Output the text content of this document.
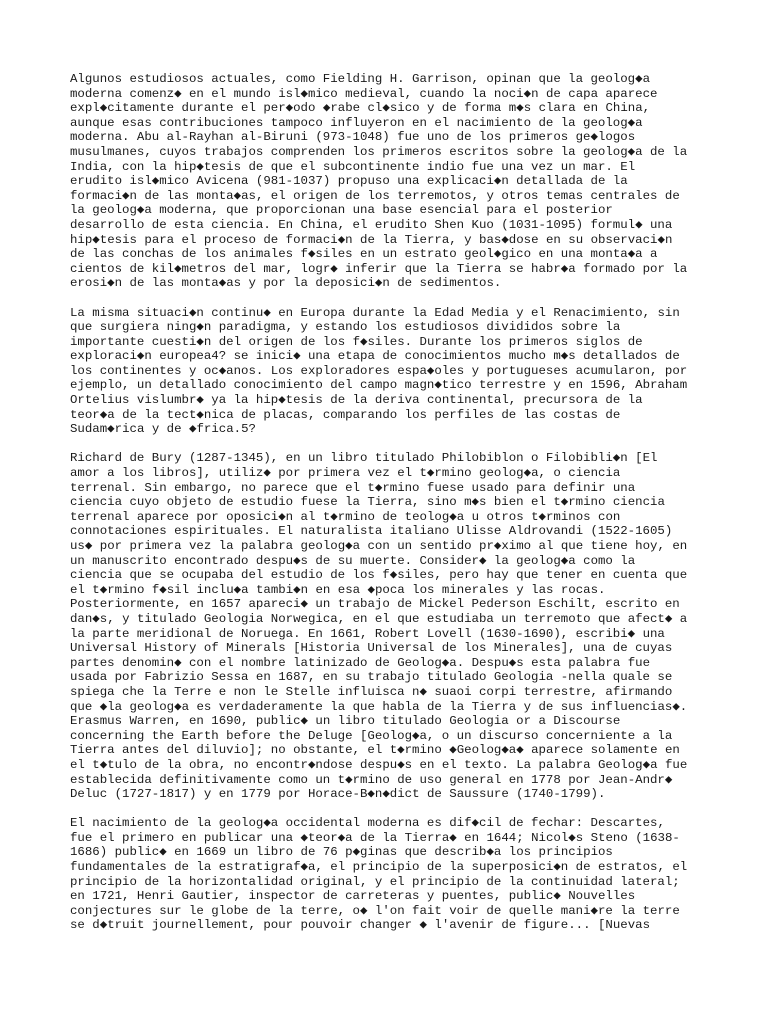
Algunos estudiosos actuales, como Fielding H. Garrison, opinan que la geolog◆a
moderna comenz◆ en el mundo isl◆mico medieval, cuando la noci◆n de capa aparece
expl◆citamente durante el per◆odo ◆rabe cl◆sico y de forma m◆s clara en China,
aunque esas contribuciones tampoco influyeron en el nacimiento de la geolog◆a
moderna. Abu al-Rayhan al-Biruni (973-1048) fue uno de los primeros ge◆logos
musulmanes, cuyos trabajos comprenden los primeros escritos sobre la geolog◆a de la
India, con la hip◆tesis de que el subcontinente indio fue una vez un mar. El
erudito isl◆mico Avicena (981-1037) propuso una explicaci◆n detallada de la
formaci◆n de las monta◆as, el origen de los terremotos, y otros temas centrales de
la geolog◆a moderna, que proporcionan una base esencial para el posterior
desarrollo de esta ciencia. En China, el erudito Shen Kuo (1031-1095) formul◆ una
hip◆tesis para el proceso de formaci◆n de la Tierra, y bas◆dose en su observaci◆n
de las conchas de los animales f◆siles en un estrato geol◆gico en una monta◆a a
cientos de kil◆metros del mar, logr◆ inferir que la Tierra se habr◆a formado por la
erosi◆n de las monta◆as y por la deposici◆n de sedimentos.
La misma situaci◆n continu◆ en Europa durante la Edad Media y el Renacimiento, sin
que surgiera ning◆n paradigma, y estando los estudiosos divididos sobre la
importante cuesti◆n del origen de los f◆siles. Durante los primeros siglos de
exploraci◆n europea4? se inici◆ una etapa de conocimientos mucho m◆s detallados de
los continentes y oc◆anos. Los exploradores espa◆oles y portugueses acumularon, por
ejemplo, un detallado conocimiento del campo magn◆tico terrestre y en 1596, Abraham
Ortelius vislumbr◆ ya la hip◆tesis de la deriva continental, precursora de la
teor◆a de la tect◆nica de placas, comparando los perfiles de las costas de
Sudam◆rica y de ◆frica.5?
Richard de Bury (1287-1345), en un libro titulado Philobiblon o Filobibli◆n [El
amor a los libros], utiliz◆ por primera vez el t◆rmino geolog◆a, o ciencia
terrenal. Sin embargo, no parece que el t◆rmino fuese usado para definir una
ciencia cuyo objeto de estudio fuese la Tierra, sino m◆s bien el t◆rmino ciencia
terrenal aparece por oposici◆n al t◆rmino de teolog◆a u otros t◆rminos con
connotaciones espirituales. El naturalista italiano Ulisse Aldrovandi (1522-1605)
us◆ por primera vez la palabra geolog◆a con un sentido pr◆ximo al que tiene hoy, en
un manuscrito encontrado despu◆s de su muerte. Consider◆ la geolog◆a como la
ciencia que se ocupaba del estudio de los f◆siles, pero hay que tener en cuenta que
el t◆rmino f◆sil inclu◆a tambi◆n en esa ◆poca los minerales y las rocas.
Posteriormente, en 1657 apareci◆ un trabajo de Mickel Pederson Eschilt, escrito en
dan◆s, y titulado Geologia Norwegica, en el que estudiaba un terremoto que afect◆ a
la parte meridional de Noruega. En 1661, Robert Lovell (1630-1690), escribi◆ una
Universal History of Minerals [Historia Universal de los Minerales], una de cuyas
partes denomin◆ con el nombre latinizado de Geolog◆a. Despu◆s esta palabra fue
usada por Fabrizio Sessa en 1687, en su trabajo titulado Geologia -nella quale se
spiega che la Terre e non le Stelle influisca n◆ suaoi corpi terrestre, afirmando
que ◆la geolog◆a es verdaderamente la que habla de la Tierra y de sus influencias◆.
Erasmus Warren, en 1690, public◆ un libro titulado Geologia or a Discourse
concerning the Earth before the Deluge [Geolog◆a, o un discurso concerniente a la
Tierra antes del diluvio]; no obstante, el t◆rmino ◆Geolog◆a◆ aparece solamente en
el t◆tulo de la obra, no encontr◆ndose despu◆s en el texto. La palabra Geolog◆a fue
establecida definitivamente como un t◆rmino de uso general en 1778 por Jean-Andr◆
Deluc (1727-1817) y en 1779 por Horace-B◆n◆dict de Saussure (1740-1799).
El nacimiento de la geolog◆a occidental moderna es dif◆cil de fechar: Descartes,
fue el primero en publicar una ◆teor◆a de la Tierra◆ en 1644; Nicol◆s Steno (1638-
1686) public◆ en 1669 un libro de 76 p◆ginas que describ◆a los principios
fundamentales de la estratigraf◆a, el principio de la superposici◆n de estratos, el
principio de la horizontalidad original, y el principio de la continuidad lateral;
en 1721, Henri Gautier, inspector de carreteras y puentes, public◆ Nouvelles
conjectures sur le globe de la terre, o◆ l'on fait voir de quelle mani◆re la terre
se d◆truit journellement, pour pouvoir changer ◆ l'avenir de figure... [Nuevas
